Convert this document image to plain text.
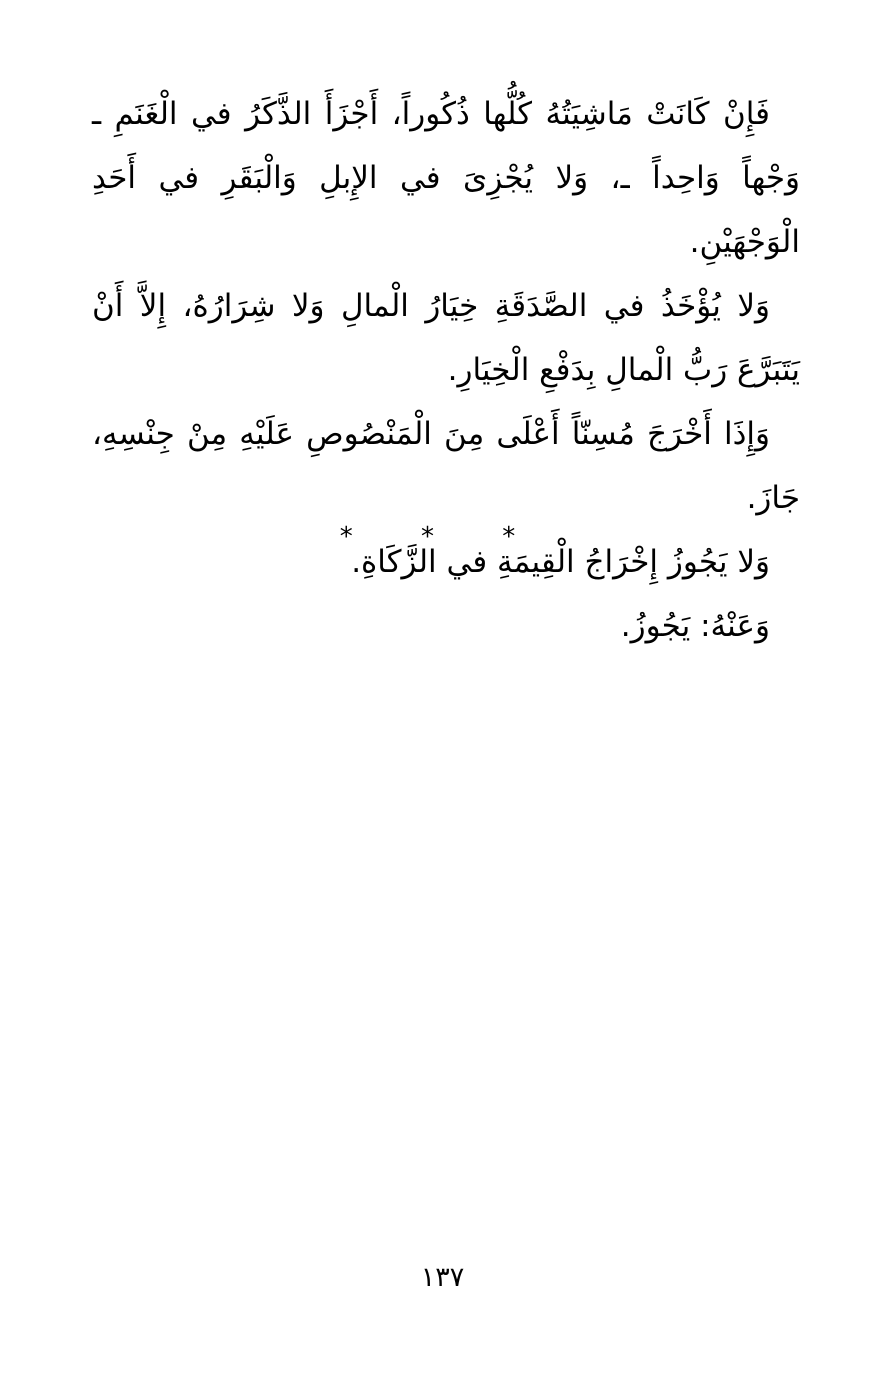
فَإِنْ كَانَتْ مَاشِيَتُهُ كُلُّها ذُكُوراً، أَجْزَأَ الذَّكَرُ في الْغَنَمِ ـ وَجْهاً وَاحِداً ـ، وَلا يُجْزِىَ في الإِبلِ وَالْبَقَرِ في أَحَدِ الْوَجْهَيْنِ.

وَلا يُؤْخَذُ في الصَّدَقَةِ خِيَارُ الْمالِ وَلا شِرَارُهُ، إِلاَّ أَنْ يَتَبَرَّعَ رَبُّ الْمالِ بِدَفْعِ الْخِيَارِ.

وَإِذَا أَخْرَجَ مُسِنّاً أَعْلَى مِنَ الْمَنْصُوصِ عَلَيْهِ مِنْ جِنْسِهِ، جَازَ.

وَلا يَجُوزُ إِخْرَاجُ الْقِيمَةِ في الزَّكَاةِ.

وَعَنْهُ: يَجُوزُ.

* * *
١٣٧
